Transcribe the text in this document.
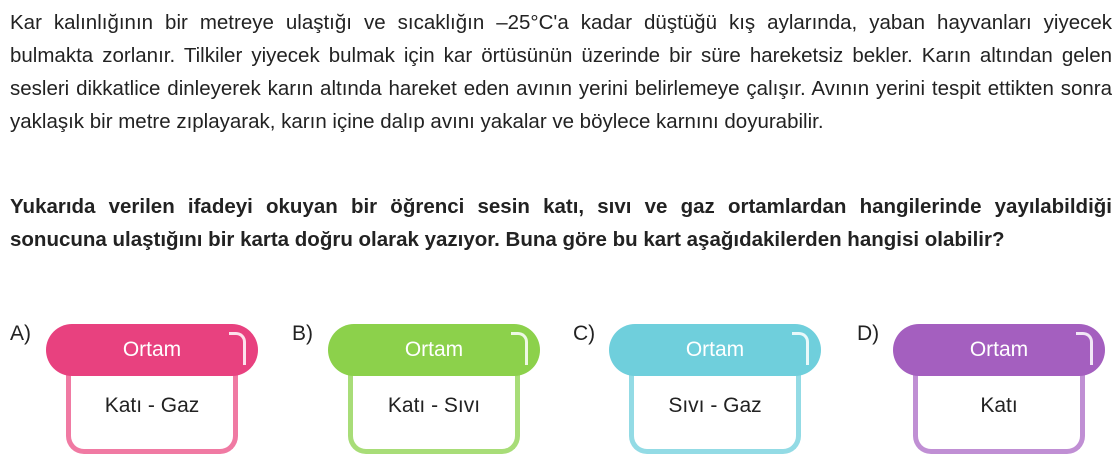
Kar kalınlığının bir metreye ulaştığı ve sıcaklığın –25°C'a kadar düştüğü kış aylarında, yaban hayvanları yiyecek bulmakta zorlanır. Tilkiler yiyecek bulmak için kar örtüsünün üzerinde bir süre hareketsiz bekler. Karın altından gelen sesleri dikkatlice dinleyerek karın altında hareket eden avının yerini belirlemeye çalışır. Avının yerini tespit ettikten sonra yaklaşık bir metre zıplayarak, karın içine dalıp avını yakalar ve böylece karnını doyurabilir.

Yukarıda verilen ifadeyi okuyan bir öğrenci sesin katı, sıvı ve gaz ortamlardan hangilerinde yayılabildiği sonucuna ulaştığını bir karta doğru olarak yazıyor. Buna göre bu kart aşağıdakilerden hangisi olabilir?

A)
Ortam
Katı - Gaz
B)
Ortam
Katı - Sıvı
C)
Ortam
Sıvı - Gaz
D)
Ortam
Katı
